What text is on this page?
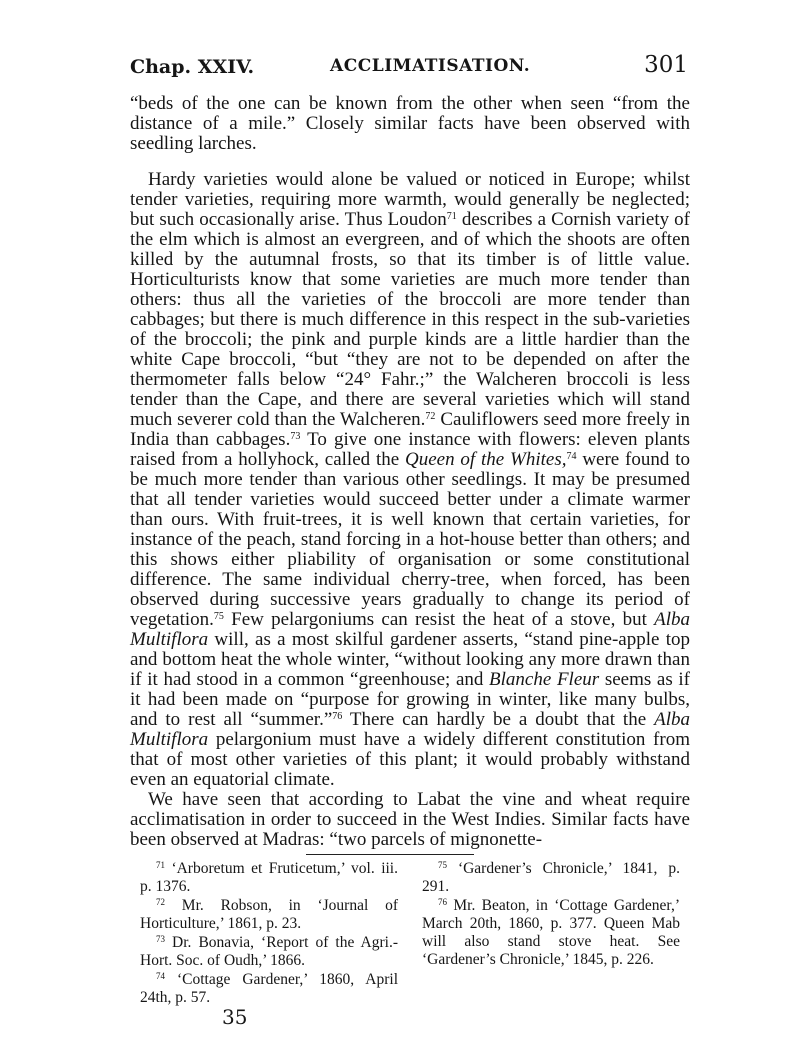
Chap. XXIV.	ACCLIMATISATION.	301

“beds of the one can be known from the other when seen “from the distance of a mile.” Closely similar facts have been observed with seedling larches.

Hardy varieties would alone be valued or noticed in Europe; whilst tender varieties, requiring more warmth, would generally be neglected; but such occasionally arise. Thus Loudon$^{71}$ describes a Cornish variety of the elm which is almost an evergreen, and of which the shoots are often killed by the autumnal frosts, so that its timber is of little value. Horticulturists know that some varieties are much more tender than others: thus all the varieties of the broccoli are more tender than cabbages; but there is much difference in this respect in the sub-varieties of the broccoli; the pink and purple kinds are a little hardier than the white Cape broccoli, “but “they are not to be depended on after the thermometer falls below “24° Fahr.;” the Walcheren broccoli is less tender than the Cape, and there are several varieties which will stand much severer cold than the Walcheren.$^{72}$ Cauliflowers seed more freely in India than cabbages.$^{73}$ To give one instance with flowers: eleven plants raised from a hollyhock, called the Queen of the Whites,$^{74}$ were found to be much more tender than various other seedlings. It may be presumed that all tender varieties would succeed better under a climate warmer than ours. With fruit-trees, it is well known that certain varieties, for instance of the peach, stand forcing in a hot-house better than others; and this shows either pliability of organisation or some constitutional difference. The same individual cherry-tree, when forced, has been observed during successive years gradually to change its period of vegetation.$^{75}$ Few pelargoniums can resist the heat of a stove, but Alba Multiflora will, as a most skilful gardener asserts, “stand pine-apple top and bottom heat the whole winter, “without looking any more drawn than if it had stood in a common “greenhouse; and Blanche Fleur seems as if it had been made on “purpose for growing in winter, like many bulbs, and to rest all “summer.”$^{76}$ There can hardly be a doubt that the Alba Multiflora pelargonium must have a widely different constitution from that of most other varieties of this plant; it would probably withstand even an equatorial climate.

We have seen that according to Labat the vine and wheat require acclimatisation in order to succeed in the West Indies. Similar facts have been observed at Madras: “two parcels of mignonette-

$^{71}$ ‘Arboretum et Fruticetum,’ vol. iii. p. 1376.

$^{72}$ Mr. Robson, in ‘Journal of Horticulture,’ 1861, p. 23.

$^{73}$ Dr. Bonavia, ‘Report of the Agri.-Hort. Soc. of Oudh,’ 1866.

$^{74}$ ‘Cottage Gardener,’ 1860, April 24th, p. 57.

$^{75}$ ‘Gardener’s Chronicle,’ 1841, p. 291.

$^{76}$ Mr. Beaton, in ‘Cottage Gardener,’ March 20th, 1860, p. 377. Queen Mab will also stand stove heat. See ‘Gardener’s Chronicle,’ 1845, p. 226.

35
